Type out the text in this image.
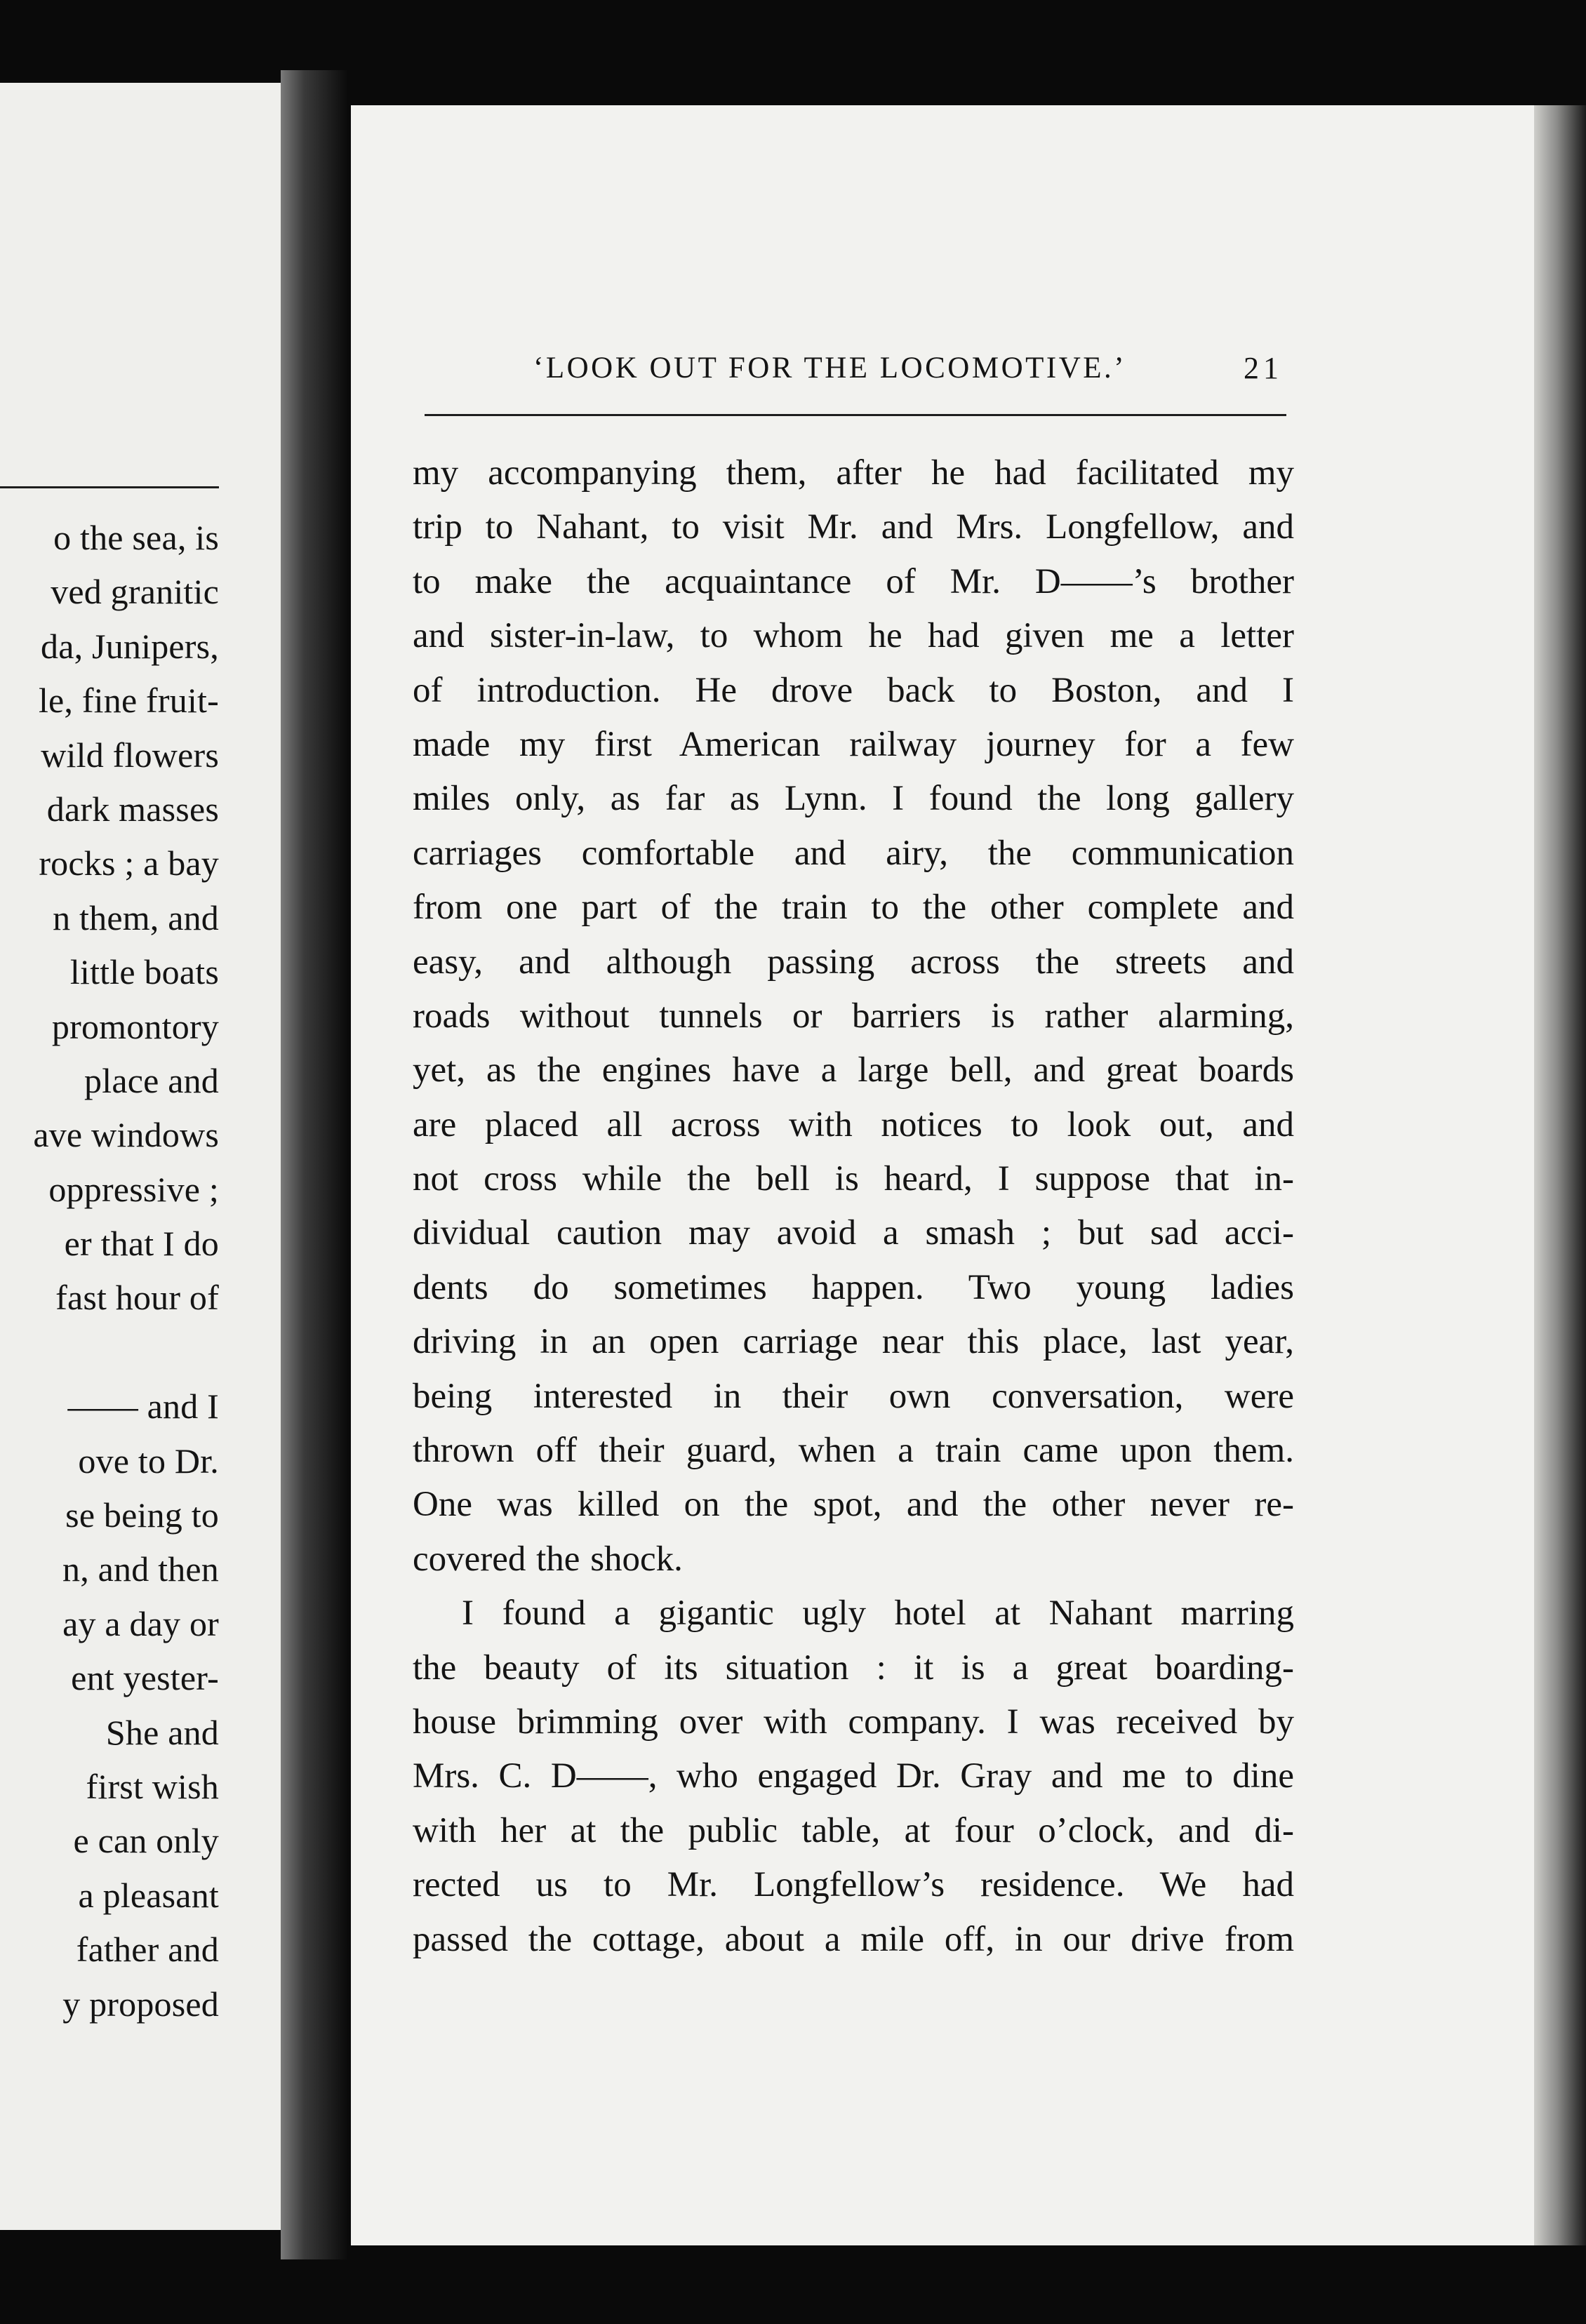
o the sea, is
ved granitic
da, Junipers,
le, fine fruit-
wild flowers
dark masses
rocks ; a bay
n them, and
little boats
promontory
place and
ave windows
oppressive ;
er that I do
fast hour of
—— and I
ove to Dr.
se being to
n, and then
ay a day or
ent yester-
She and
first wish
e can only
a pleasant
father and
y proposed
‘LOOK OUT FOR THE LOCOMOTIVE.’	21
my accompanying them, after he had facilitated my
trip to Nahant, to visit Mr. and Mrs. Longfellow, and
to make the acquaintance of Mr. D——’s brother
and sister-in-law, to whom he had given me a letter
of introduction. He drove back to Boston, and I
made my first American railway journey for a few
miles only, as far as Lynn. I found the long gallery
carriages comfortable and airy, the communication
from one part of the train to the other complete and
easy, and although passing across the streets and
roads without tunnels or barriers is rather alarming,
yet, as the engines have a large bell, and great boards
are placed all across with notices to look out, and
not cross while the bell is heard, I suppose that in-
dividual caution may avoid a smash ; but sad acci-
dents do sometimes happen. Two young ladies
driving in an open carriage near this place, last year,
being interested in their own conversation, were
thrown off their guard, when a train came upon them.
One was killed on the spot, and the other never re-
covered the shock.
I found a gigantic ugly hotel at Nahant marring
the beauty of its situation : it is a great boarding-
house brimming over with company. I was received by
Mrs. C. D——, who engaged Dr. Gray and me to dine
with her at the public table, at four o’clock, and di-
rected us to Mr. Longfellow’s residence. We had
passed the cottage, about a mile off, in our drive from
